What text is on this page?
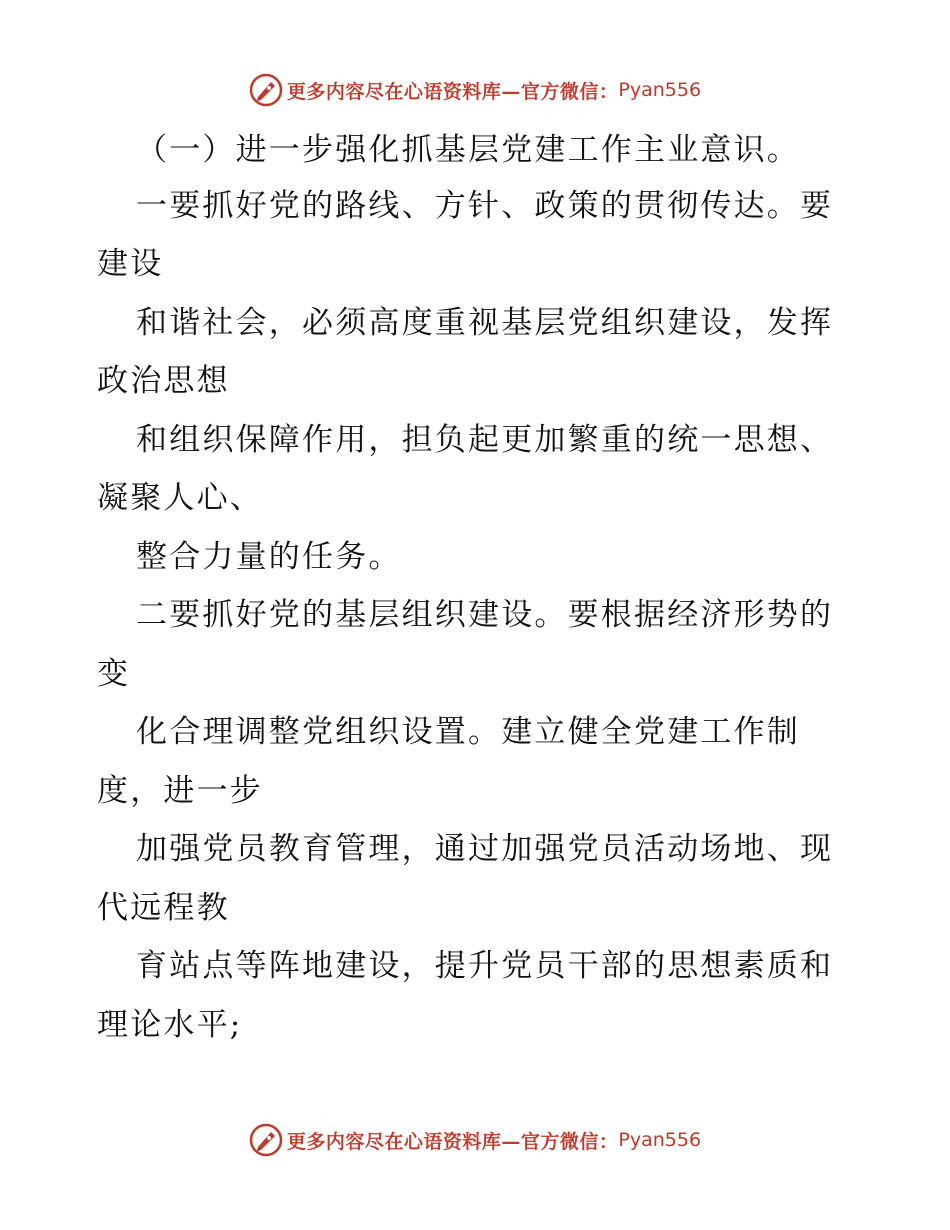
更多内容尽在心语资料库—官方微信： Pyan556
（一）进一步强化抓基层党建工作主业意识。
一要抓好党的路线、方针、政策的贯彻传达。要
建设
和谐社会，必须高度重视基层党组织建设，发挥
政治思想
和组织保障作用，担负起更加繁重的统一思想、
凝聚人心、
整合力量的任务。
二要抓好党的基层组织建设。要根据经济形势的
变
化合理调整党组织设置。建立健全党建工作制
度，进一步
加强党员教育管理，通过加强党员活动场地、现
代远程教
育站点等阵地建设，提升党员干部的思想素质和
理论水平;
更多内容尽在心语资料库—官方微信： Pyan556
